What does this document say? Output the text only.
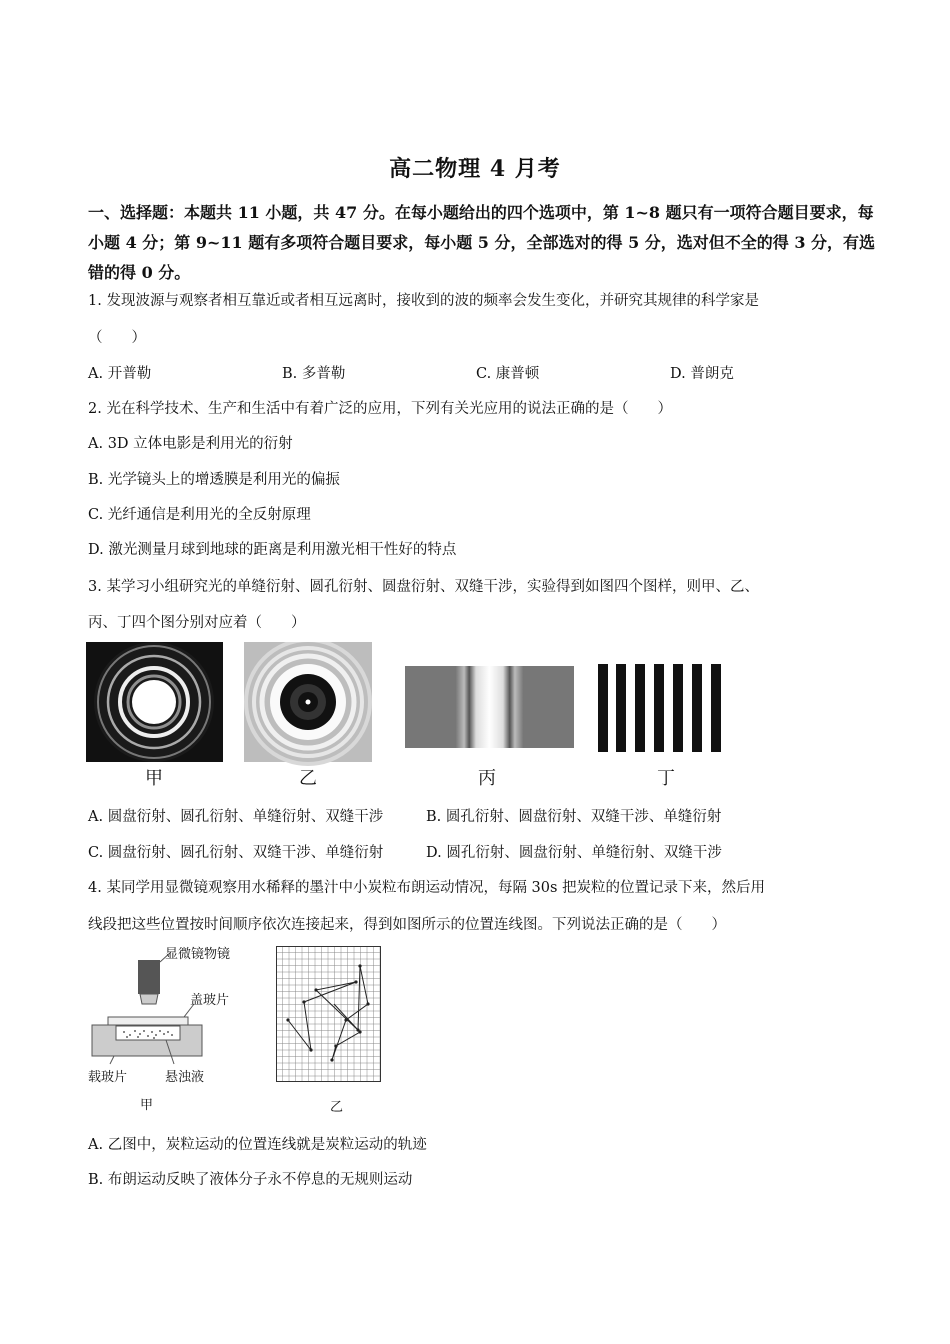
高二物理 4 月考
一、选择题：本题共 11 小题，共 47 分。在每小题给出的四个选项中，第 1~8 题只有一项符合题目要求，每小题 4 分；第 9~11 题有多项符合题目要求，每小题 5 分，全部选对的得 5 分，选对但不全的得 3 分，有选错的得 0 分。
1. 发现波源与观察者相互靠近或者相互远离时，接收到的波的频率会发生变化，并研究其规律的科学家是
（　　）
A. 开普勒	B. 多普勒	C. 康普顿	D. 普朗克
2. 光在科学技术、生产和生活中有着广泛的应用，下列有关光应用的说法正确的是（　　）
A. 3D 立体电影是利用光的衍射
B. 光学镜头上的增透膜是利用光的偏振
C. 光纤通信是利用光的全反射原理
D. 激光测量月球到地球的距离是利用激光相干性好的特点
3. 某学习小组研究光的单缝衍射、圆孔衍射、圆盘衍射、双缝干涉，实验得到如图四个图样，则甲、乙、
丙、丁四个图分别对应着（　　）
甲	乙	丙	丁
A. 圆盘衍射、圆孔衍射、单缝衍射、双缝干涉	B. 圆孔衍射、圆盘衍射、双缝干涉、单缝衍射
C. 圆盘衍射、圆孔衍射、双缝干涉、单缝衍射	D. 圆孔衍射、圆盘衍射、单缝衍射、双缝干涉
4. 某同学用显微镜观察用水稀释的墨汁中小炭粒布朗运动情况，每隔 30s 把炭粒的位置记录下来，然后用
线段把这些位置按时间顺序依次连接起来，得到如图所示的位置连线图。下列说法正确的是（　　）
显微镜物镜
盖玻片
载玻片	悬浊液
甲	乙
A. 乙图中，炭粒运动的位置连线就是炭粒运动的轨迹
B. 布朗运动反映了液体分子永不停息的无规则运动
